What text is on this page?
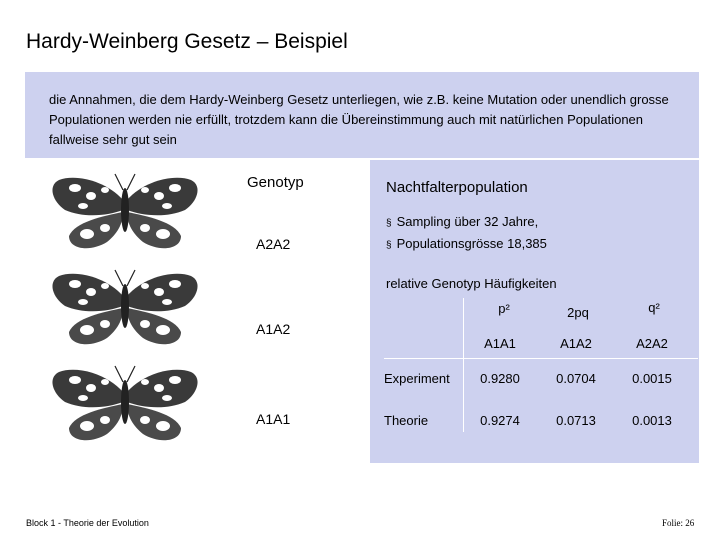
Hardy-Weinberg Gesetz – Beispiel
die Annahmen, die dem Hardy-Weinberg Gesetz unterliegen, wie z.B. keine Mutation oder unendlich grosse Populationen werden nie erfüllt, trotzdem kann die Übereinstimmung auch mit natürlichen Populationen fallweise sehr gut sein
Genotyp
A2A2
A1A2
A1A1
Nachtfalterpopulation
§ Sampling über 32 Jahre,
§ Populationsgrösse 18,385
relative Genotyp Häufigkeiten
p²	2pq	q²
A1A1	A1A2	A2A2
Experiment	0.9280	0.0704	0.0015
Theorie	0.9274	0.0713	0.0013
Block 1 - Theorie der Evolution	Folie: 26
